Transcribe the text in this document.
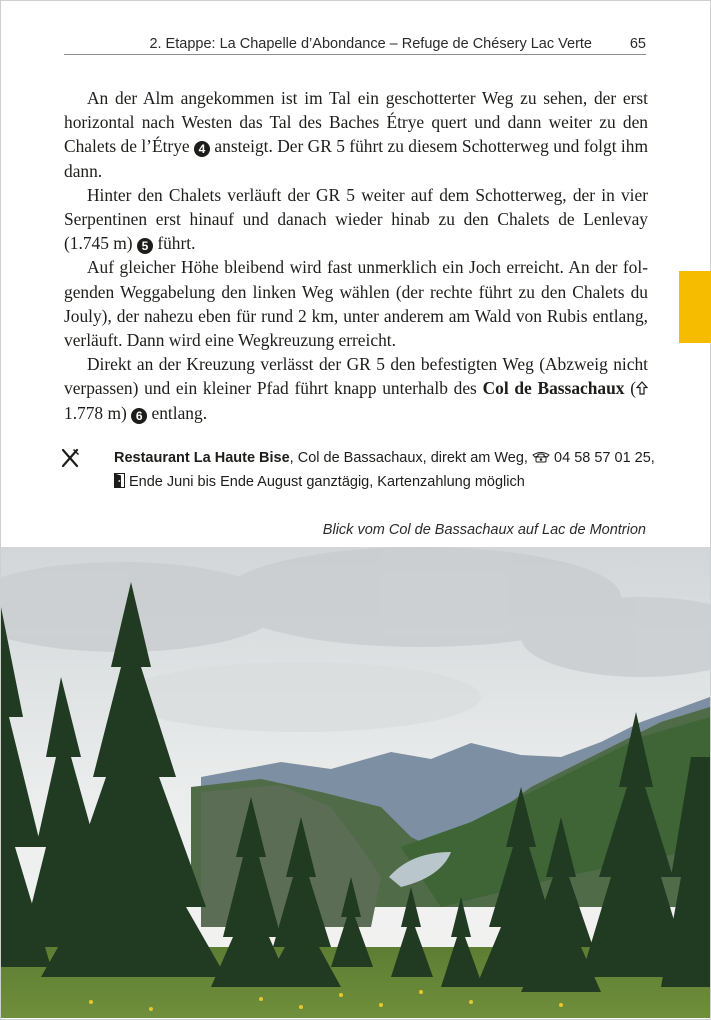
2. Etappe: La Chapelle d’Abondance – Refuge de Chésery Lac Verte	65

An der Alm angekommen ist im Tal ein geschotterter Weg zu sehen, der erst horizontal nach Westen das Tal des Baches Étrye quert und dann weiter zu den Chalets de l’Étrye 4 ansteigt. Der GR 5 führt zu diesem Schotterweg und folgt ihm dann.

Hinter den Chalets verläuft der GR 5 weiter auf dem Schotterweg, der in vier Serpentinen erst hinauf und danach wieder hinab zu den Chalets de Lenlevay (1.745 m) 5 führt.

Auf gleicher Höhe bleibend wird fast unmerklich ein Joch erreicht. An der folgenden Weggabelung den linken Weg wählen (der rechte führt zu den Chalets du Jouly), der nahezu eben für rund 2 km, unter anderem am Wald von Rubis entlang, verläuft. Dann wird eine Wegkreuzung erreicht.

Direkt an der Kreuzung verlässt der GR 5 den befestigten Weg (Abzweig nicht verpassen) und ein kleiner Pfad führt knapp unterhalb des Col de Bassachaux ( 1.778 m) 6 entlang.

Restaurant La Haute Bise, Col de Bassachaux, direkt am Weg, 04 58 57 01 25,
Ende Juni bis Ende August ganztägig, Kartenzahlung möglich
Blick vom Col de Bassachaux auf Lac de Montrion
